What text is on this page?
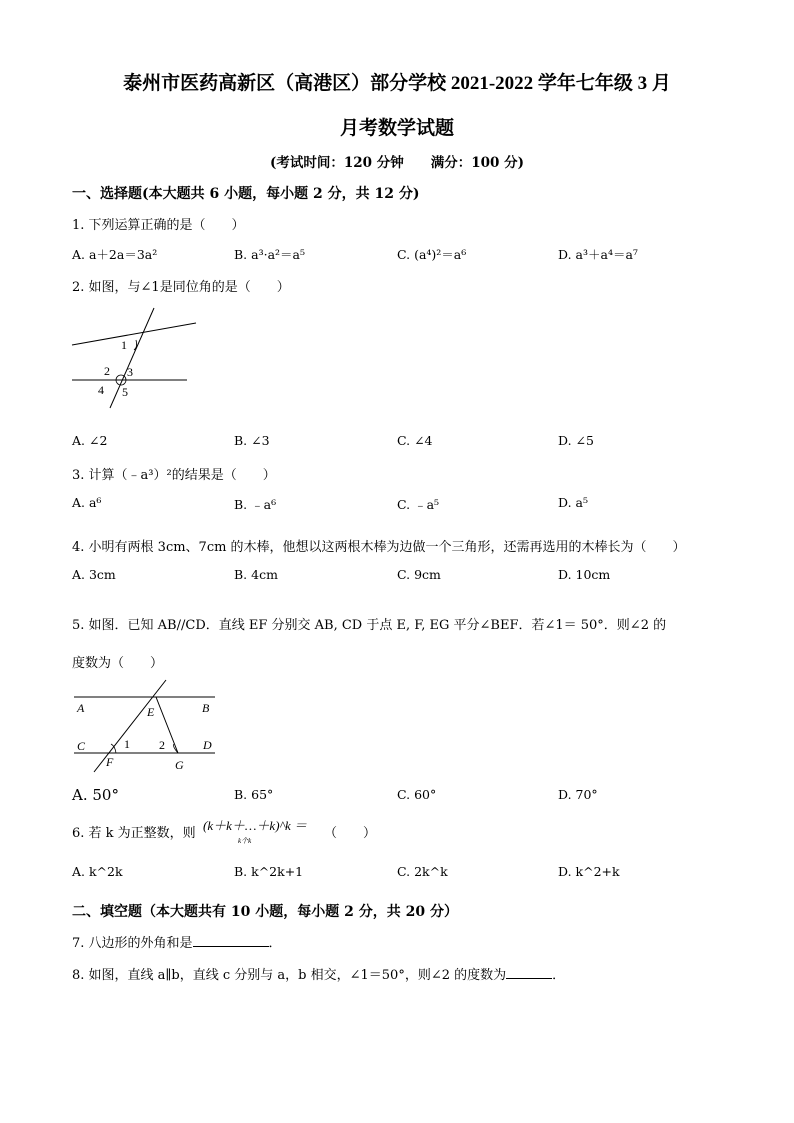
泰州市医药高新区（高港区）部分学校 2021-2022 学年七年级 3 月
月考数学试题
(考试时间：120 分钟　　满分：100 分)
一、选择题(本大题共 6 小题，每小题 2 分，共 12 分)
1. 下列运算正确的是（　　）
A. a＋2a＝3a²	B. a³·a²＝a⁵	C. (a⁴)²＝a⁶	D. a³＋a⁴＝a⁷
2. 如图，与∠1是同位角的是（　　）
1
2 3
4 5
A. ∠2	B. ∠3	C. ∠4	D. ∠5
3. 计算（﹣a³）²的结果是（　　）
A. a⁶	B. ﹣a⁶	C. ﹣a⁵	D. a⁵
4. 小明有两根 3cm、7cm 的木棒，他想以这两根木棒为边做一个三角形，还需再选用的木棒长为（　　）
A. 3cm	B. 4cm	C. 9cm	D. 10cm
5. 如图．已知 AB//CD．直线 EF 分别交 AB, CD 于点 E, F, EG 平分∠BEF．若∠1＝ 50°．则∠2 的
度数为（　　）
A	B
E
C	1 2	D
F	G
A. 50°	B. 65°	C. 60°	D. 70°
6. 若 k 为正整数，则
(k＋k＋…＋k)^k ＝
k个k	（　　）
A. k^2k	B. k^2k+1	C. 2k^k	D. k^2+k
二、填空题（本大题共有 10 小题，每小题 2 分，共 20 分）
7. 八边形的外角和是	．
8. 如图，直线 a∥b，直线 c 分别与 a，b 相交，∠1＝50°，则∠2 的度数为	．
